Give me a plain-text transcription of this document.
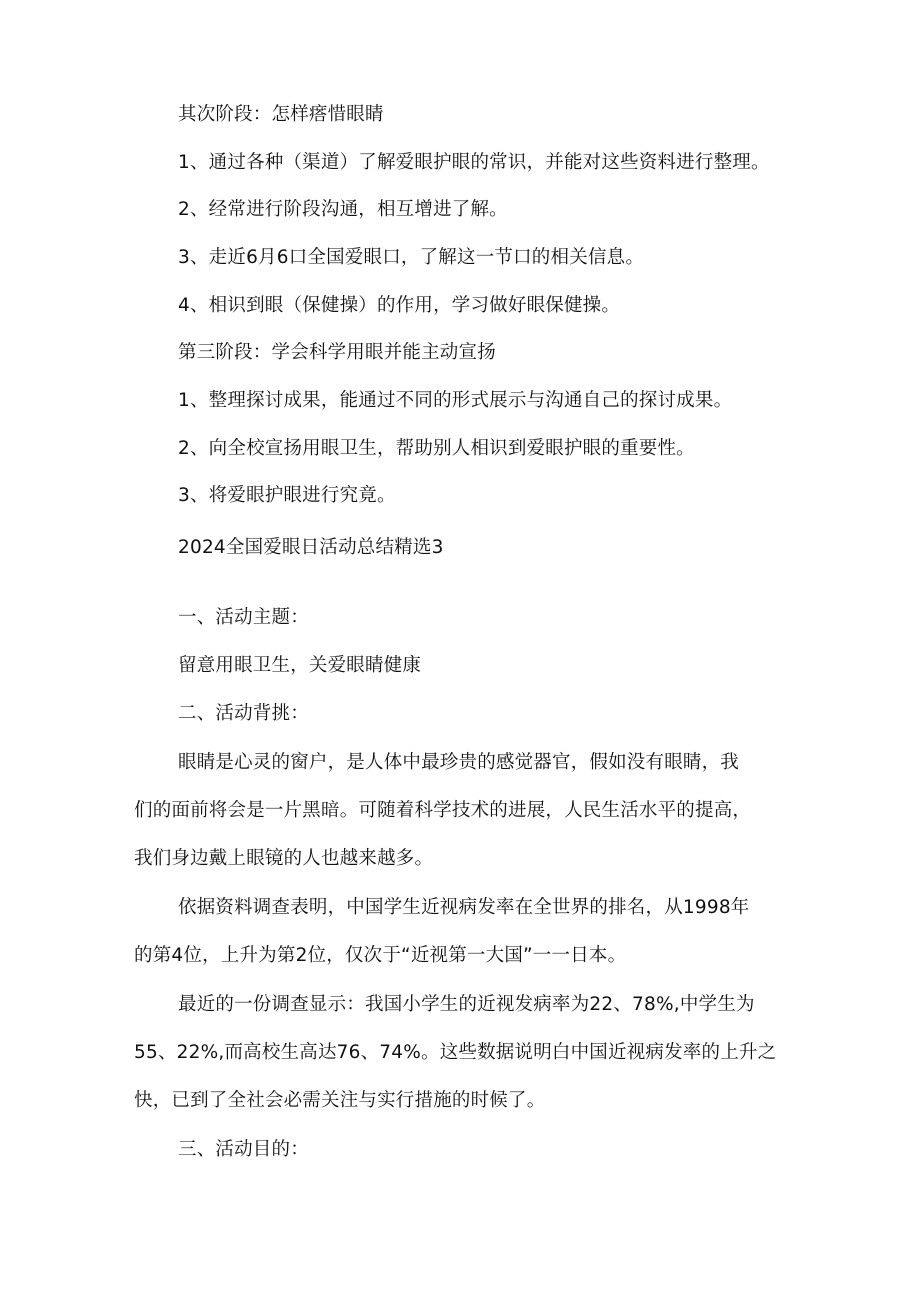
其次阶段：怎样瘩惜眼睛
1、通过各种（渠道）了解爱眼护眼的常识，并能对这些资料进行整理。
2、经常进行阶段沟通，相互增进了解。
3、走近6月6口全国爱眼口，了解这一节口的相关信息。
4、相识到眼（保健操）的作用，学习做好眼保健操。
第三阶段：学会科学用眼并能主动宣扬
1、整理探讨成果，能通过不同的形式展示与沟通自己的探讨成果。
2、向全校宣扬用眼卫生，帮助别人相识到爱眼护眼的重要性。
3、将爱眼护眼进行究竟。
2024全国爱眼日活动总结精选3
一、活动主题：
留意用眼卫生，关爱眼睛健康
二、活动背挑：
眼睛是心灵的窗户，是人体中最珍贵的感觉器官，假如没有眼睛，我
们的面前将会是一片黑暗。可随着科学技术的进展，人民生活水平的提高，
我们身边戴上眼镜的人也越来越多。
依据资料调查表明，中国学生近视病发率在全世界的排名，从1998年
的第4位，上升为第2位，仅次于“近视第一大国”一一日本。
最近的一份调查显示：我国小学生的近视发病率为22、78%,中学生为
55、22%,而高校生高达76、74%。这些数据说明白中国近视病发率的上升之
快，已到了全社会必需关注与实行措施的时候了。
三、活动目的：
